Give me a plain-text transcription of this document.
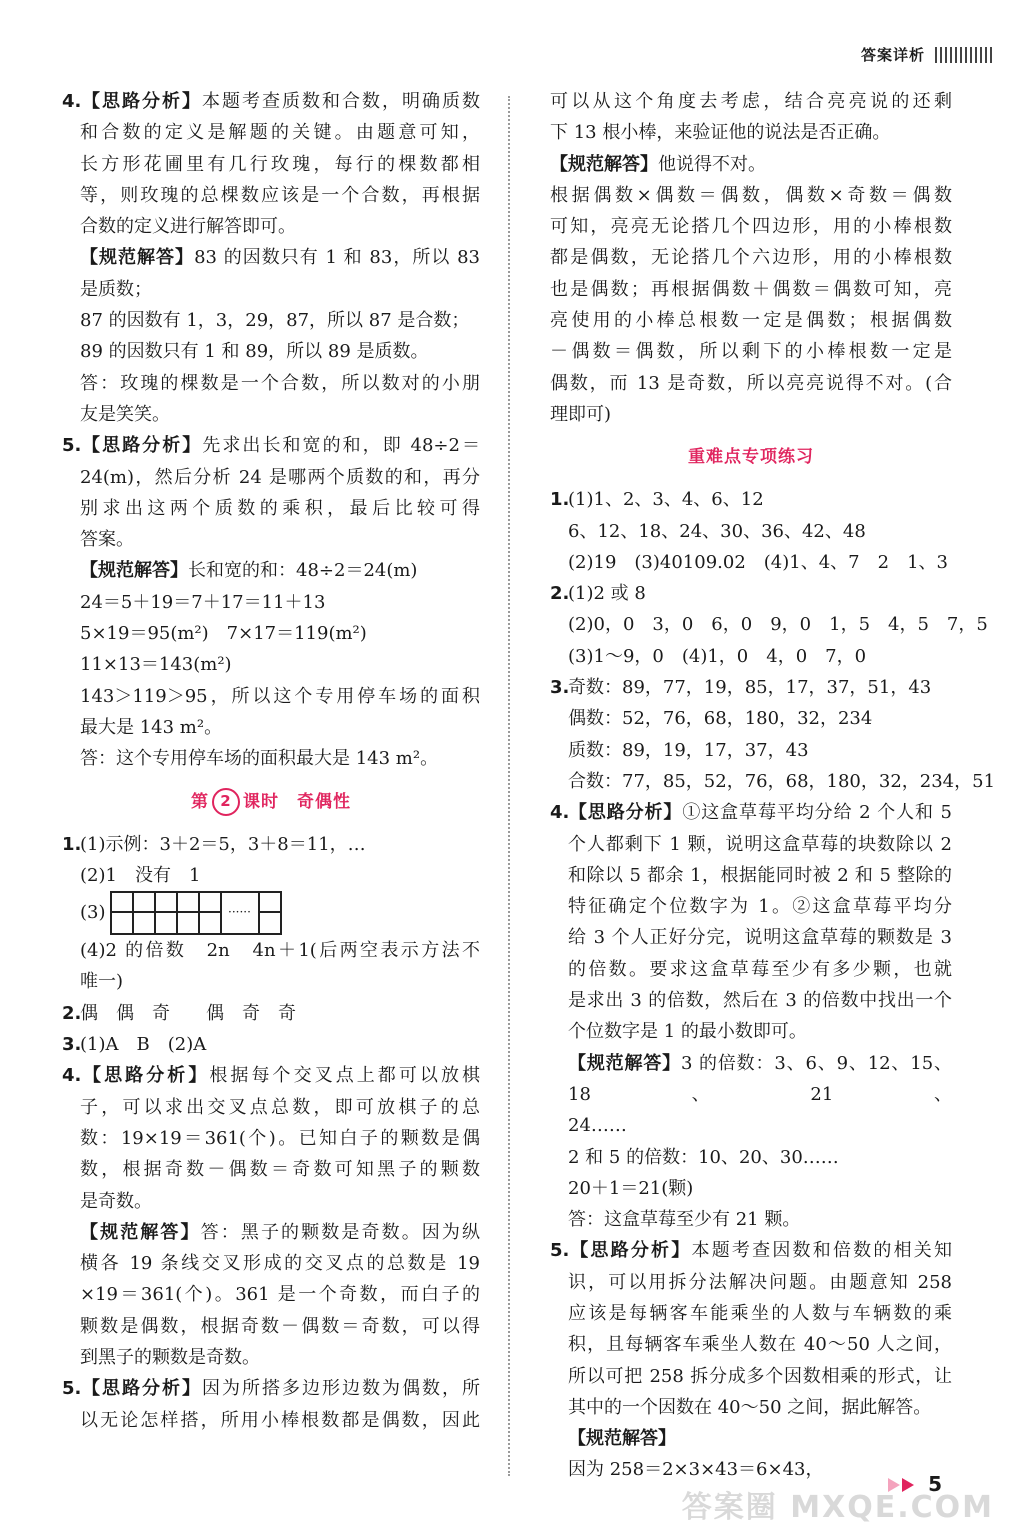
答案详析

4.【思路分析】本题考查质数和合数，明确质数

和合数的定义是解题的关键。由题意可知，

长方形花圃里有几行玫瑰，每行的棵数都相

等，则玫瑰的总棵数应该是一个合数，再根据

合数的定义进行解答即可。

【规范解答】83 的因数只有 1 和 83，所以 83

是质数；

87 的因数有 1，3，29，87，所以 87 是合数；

89 的因数只有 1 和 89，所以 89 是质数。

答：玫瑰的棵数是一个合数，所以数对的小朋

友是笑笑。

5.【思路分析】先求出长和宽的和，即 48÷2＝

24(m)，然后分析 24 是哪两个质数的和，再分

别求出这两个质数的乘积，最后比较可得

答案。

【规范解答】长和宽的和：48÷2＝24(m)

24＝5＋19＝7＋17＝11＋13

5×19＝95(m²)　7×17＝119(m²)

11×13＝143(m²)

143＞119＞95，所以这个专用停车场的面积

最大是 143 m²。

答：这个专用停车场的面积最大是 143 m²。

第 2 课时　奇偶性

1.(1)示例：3＋2＝5，3＋8＝11，…

(2)1　没有　1

(3)	······

(4)2 的倍数　2n　4n＋1(后两空表示方法不

唯一)

2.偶　偶　奇　　偶　奇　奇

3.(1)A　B　(2)A

4.【思路分析】根据每个交叉点上都可以放棋

子，可以求出交叉点总数，即可放棋子的总

数：19×19＝361(个)。已知白子的颗数是偶

数，根据奇数－偶数＝奇数可知黑子的颗数

是奇数。

【规范解答】答：黑子的颗数是奇数。因为纵

横各 19 条线交叉形成的交叉点的总数是 19

×19＝361(个)。361 是一个奇数，而白子的

颗数是偶数，根据奇数－偶数＝奇数，可以得

到黑子的颗数是奇数。

5.【思路分析】因为所搭多边形边数为偶数，所

以无论怎样搭，所用小棒根数都是偶数，因此

可以从这个角度去考虑，结合亮亮说的还剩

下 13 根小棒，来验证他的说法是否正确。

【规范解答】他说得不对。

根据偶数×偶数＝偶数，偶数×奇数＝偶数

可知，亮亮无论搭几个四边形，用的小棒根数

都是偶数，无论搭几个六边形，用的小棒根数

也是偶数；再根据偶数＋偶数＝偶数可知，亮

亮使用的小棒总根数一定是偶数；根据偶数

－偶数＝偶数，所以剩下的小棒根数一定是

偶数，而 13 是奇数，所以亮亮说得不对。(合

理即可)

重难点专项练习

1.(1)1、2、3、4、6、12

6、12、18、24、30、36、42、48

(2)19　(3)40109.02　(4)1、4、7　2　1、3

2.(1)2 或 8

(2)0，0　3，0　6，0　9，0　1，5　4，5　7，5

(3)1～9，0　(4)1，0　4，0　7，0

3.奇数：89，77，19，85，17，37，51，43

偶数：52，76，68，180，32，234

质数：89，19，17，37，43

合数：77，85，52，76，68，180，32，234，51

4.【思路分析】①这盒草莓平均分给 2 个人和 5

个人都剩下 1 颗，说明这盒草莓的块数除以 2

和除以 5 都余 1，根据能同时被 2 和 5 整除的

特征确定个位数字为 1。②这盒草莓平均分

给 3 个人正好分完，说明这盒草莓的颗数是 3

的倍数。要求这盒草莓至少有多少颗，也就

是求出 3 的倍数，然后在 3 的倍数中找出一个

个位数字是 1 的最小数即可。

【规范解答】3 的倍数：3、6、9、12、15、18、21、

24……

2 和 5 的倍数：10、20、30……

20＋1＝21(颗)

答：这盒草莓至少有 21 颗。

5.【思路分析】本题考查因数和倍数的相关知

识，可以用拆分法解决问题。由题意知 258

应该是每辆客车能乘坐的人数与车辆数的乘

积，且每辆客车乘坐人数在 40～50 人之间，

所以可把 258 拆分成多个因数相乘的形式，让

其中的一个因数在 40～50 之间，据此解答。

【规范解答】

因为 258＝2×3×43＝6×43，

5
答案圈 MXQE.COM
